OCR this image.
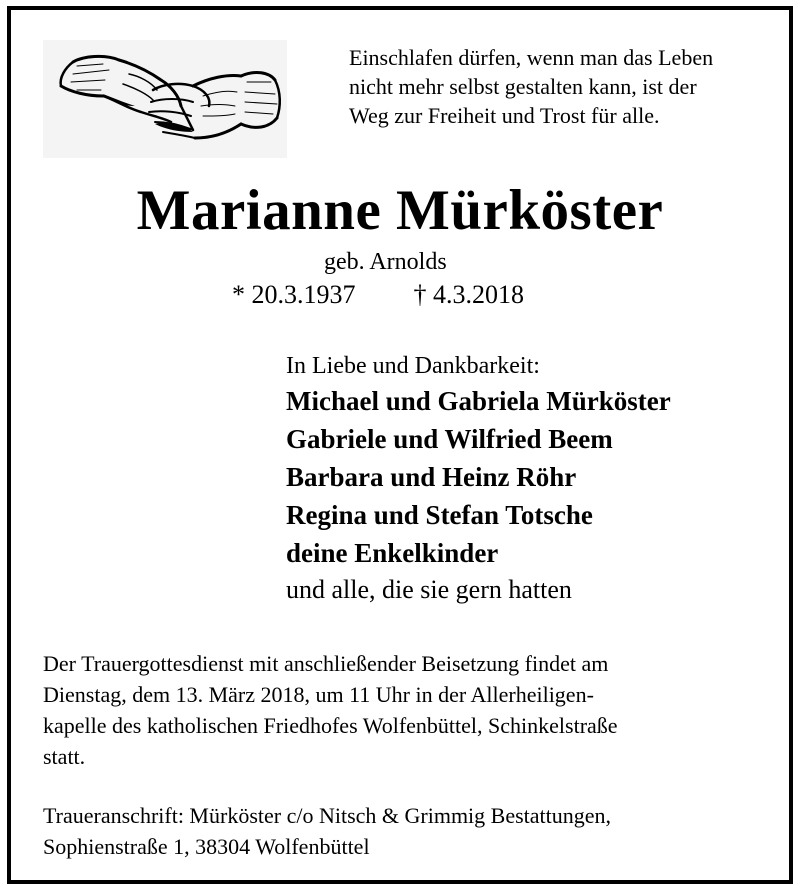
Einschlafen dürfen, wenn man das Leben
nicht mehr selbst gestalten kann, ist der
Weg zur Freiheit und Trost für alle.
Marianne Mürköster
geb. Arnolds
* 20.3.1937 † 4.3.2018
In Liebe und Dankbarkeit:
Michael und Gabriela Mürköster
Gabriele und Wilfried Beem
Barbara und Heinz Röhr
Regina und Stefan Totsche
deine Enkelkinder
und alle, die sie gern hatten
Der Trauergottesdienst mit anschließender Beisetzung findet am
Dienstag, dem 13. März 2018, um 11 Uhr in der Allerheiligen-
kapelle des katholischen Friedhofes Wolfenbüttel, Schinkelstraße
statt.
Traueranschrift: Mürköster c/o Nitsch & Grimmig Bestattungen,
Sophienstraße 1, 38304 Wolfenbüttel
